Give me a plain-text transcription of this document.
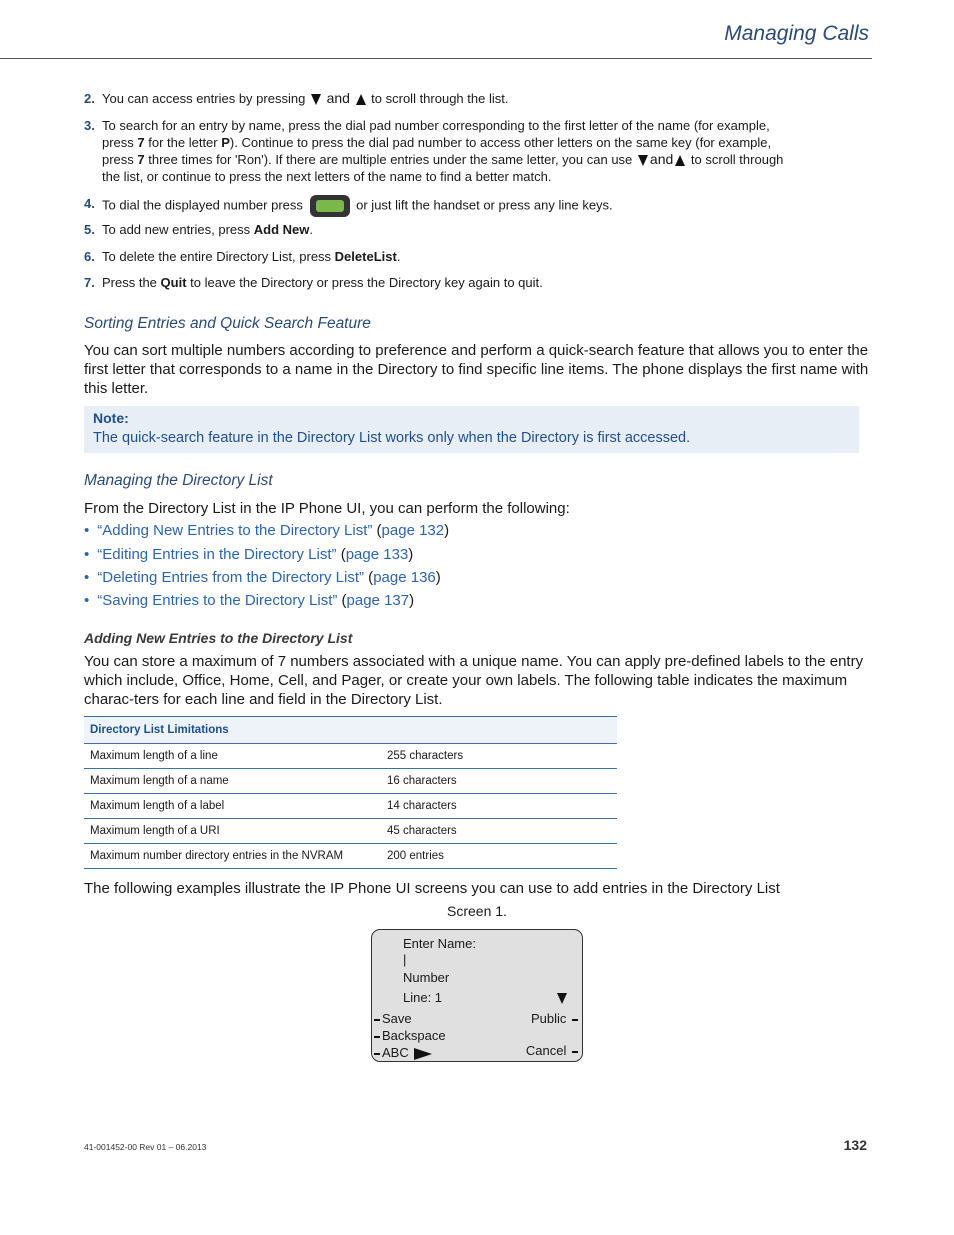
Managing Calls
2. You can access entries by pressing and to scroll through the list.
3. To search for an entry by name, press the dial pad number corresponding to the first letter of the name (for example, press 7 for the letter P). Continue to press the dial pad number to access other letters on the same key (for example, press 7 three times for 'Ron'). If there are multiple entries under the same letter, you can use and to scroll through the list, or continue to press the next letters of the name to find a better match.
4. To dial the displayed number press	or just lift the handset or press any line keys.
5. To add new entries, press Add New.
6. To delete the entire Directory List, press DeleteList.
7. Press the Quit to leave the Directory or press the Directory key again to quit.
Sorting Entries and Quick Search Feature
You can sort multiple numbers according to preference and perform a quick-search feature that allows you to enter the first letter that corresponds to a name in the Directory to find specific line items. The phone displays the first name with this letter.
Note:
The quick-search feature in the Directory List works only when the Directory is first accessed.
Managing the Directory List
From the Directory List in the IP Phone UI, you can perform the following:
• “Adding New Entries to the Directory List” (page 132)
• “Editing Entries in the Directory List” (page 133)
• “Deleting Entries from the Directory List” (page 136)
• “Saving Entries to the Directory List” (page 137)
Adding New Entries to the Directory List
You can store a maximum of 7 numbers associated with a unique name. You can apply pre-defined labels to the entry which include, Office, Home, Cell, and Pager, or create your own labels. The following table indicates the maximum charac-ters for each line and field in the Directory List.
Directory List Limitations	
Maximum length of a line	255 characters
Maximum length of a name	16 characters
Maximum length of a label	14 characters
Maximum length of a URI	45 characters
Maximum number directory entries in the NVRAM	200 entries
The following examples illustrate the IP Phone UI screens you can use to add entries in the Directory List
Screen 1.
Enter Name:
|
Number
Line: 1
Save
Backspace
ABC
Public
Cancel
41-001452-00 Rev 01 – 06.2013	132
